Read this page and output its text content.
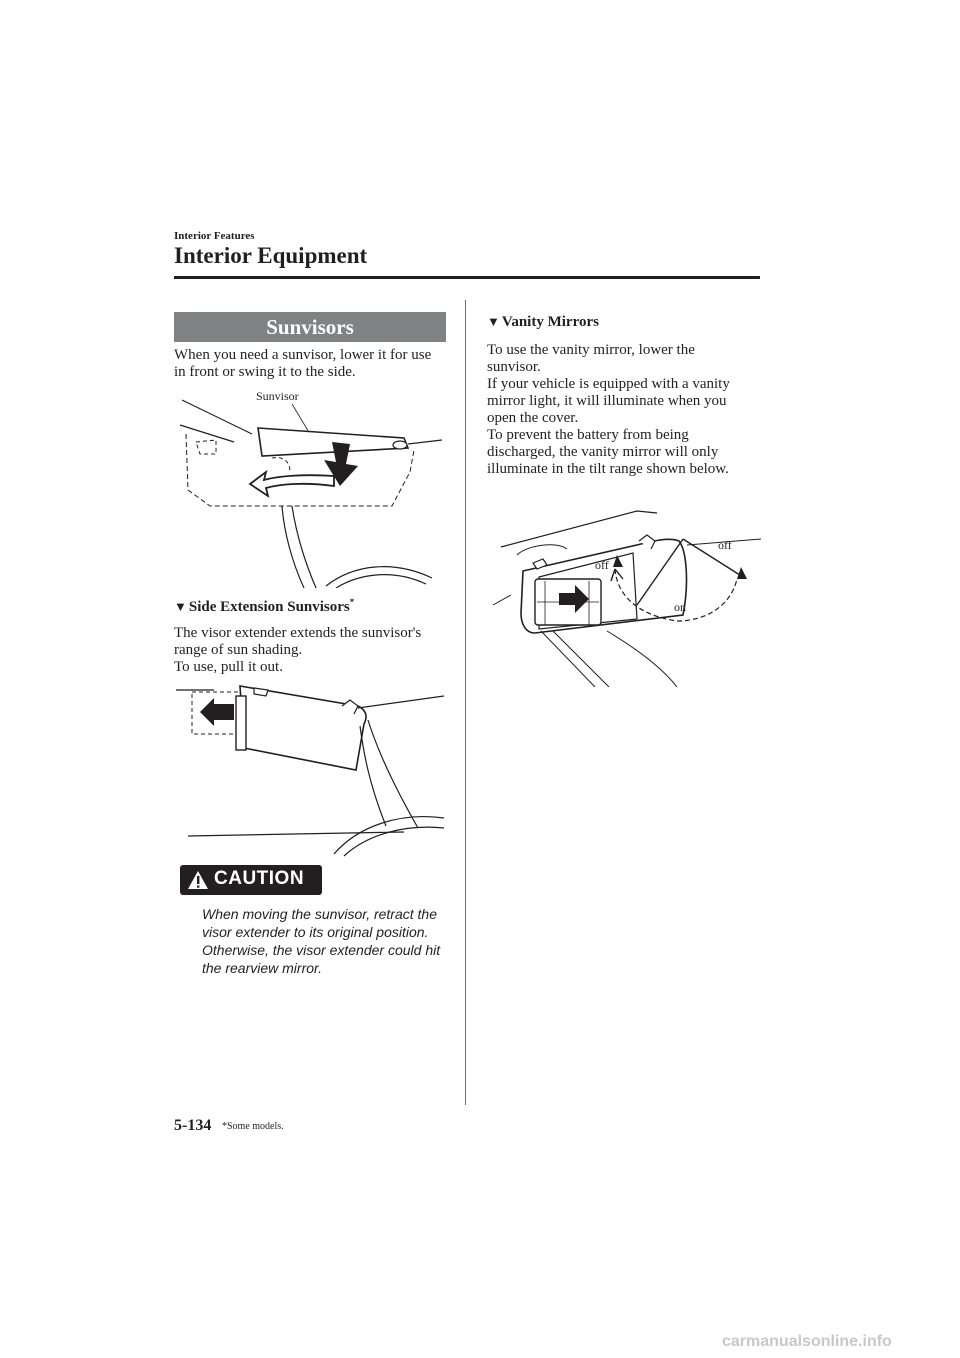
Interior Features
Interior Equipment
Sunvisors
When you need a sunvisor, lower it for use
in front or swing it to the side.
Sunvisor
▼ Side Extension Sunvisors*
The visor extender extends the sunvisor's
range of sun shading.
To use, pull it out.
CAUTION
When moving the sunvisor, retract the
visor extender to its original position.
Otherwise, the visor extender could hit
the rearview mirror.
▼ Vanity Mirrors
To use the vanity mirror, lower the
sunvisor.
If your vehicle is equipped with a vanity
mirror light, it will illuminate when you
open the cover.
To prevent the battery from being
discharged, the vanity mirror will only
illuminate in the tilt range shown below.
off
off
on
5-134 *Some models.
carmanualsonline.info
